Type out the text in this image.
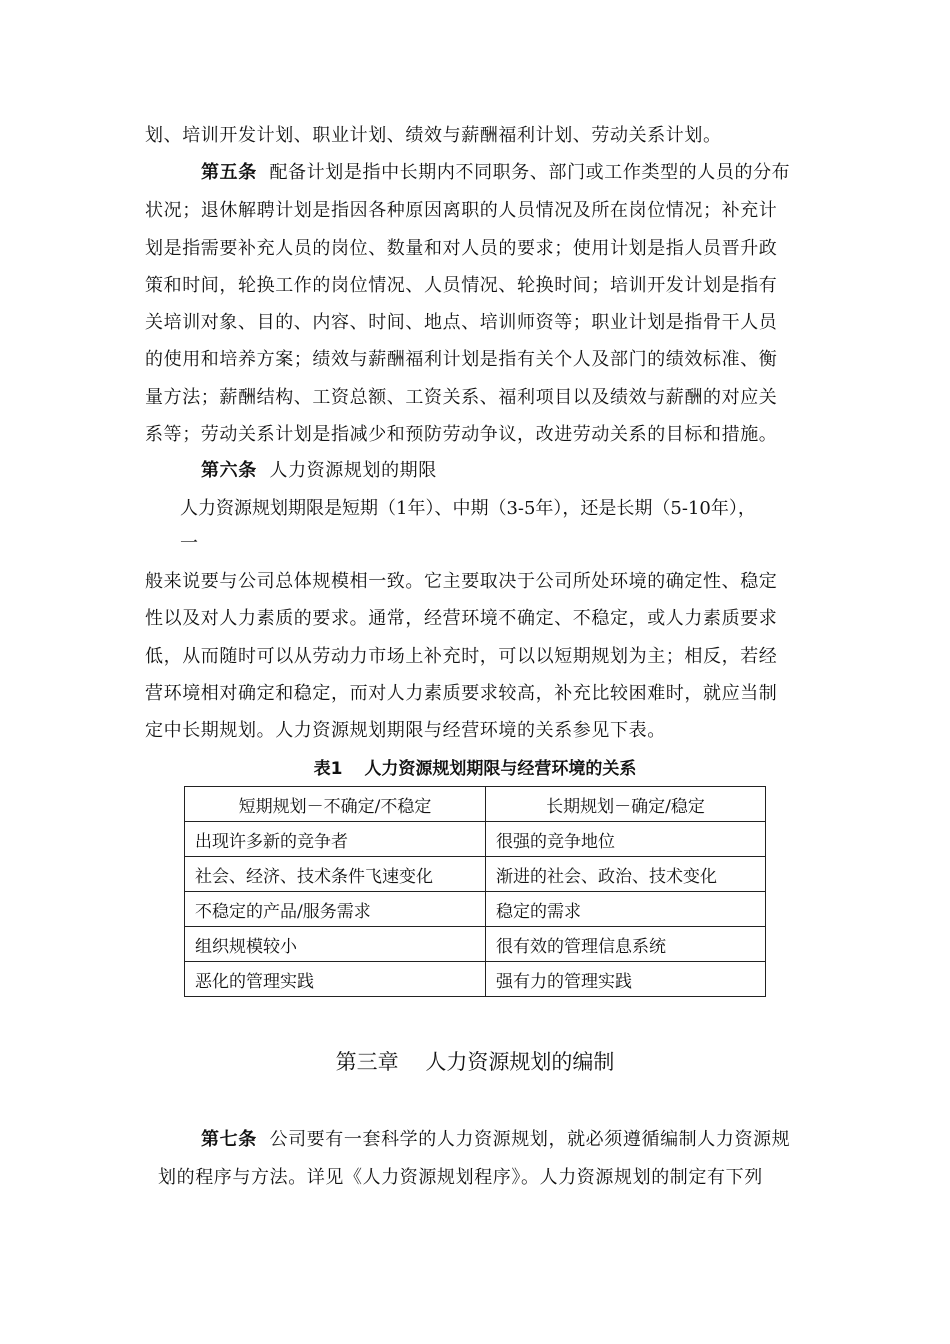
划、培训开发计划、职业计划、绩效与薪酬福利计划、劳动关系计划。
第五条 配备计划是指中长期内不同职务、部门或工作类型的人员的分布
状况；退休解聘计划是指因各种原因离职的人员情况及所在岗位情况；补充计
划是指需要补充人员的岗位、数量和对人员的要求；使用计划是指人员晋升政
策和时间，轮换工作的岗位情况、人员情况、轮换时间；培训开发计划是指有
关培训对象、目的、内容、时间、地点、培训师资等；职业计划是指骨干人员
的使用和培养方案；绩效与薪酬福利计划是指有关个人及部门的绩效标准、衡
量方法；薪酬结构、工资总额、工资关系、福利项目以及绩效与薪酬的对应关
系等；劳动关系计划是指减少和预防劳动争议，改进劳动关系的目标和措施。
第六条 人力资源规划的期限
人力资源规划期限是短期（1年）、中期（3-5年），还是长期（5-10年），
一
般来说要与公司总体规模相一致。它主要取决于公司所处环境的确定性、稳定
性以及对人力素质的要求。通常，经营环境不确定、不稳定，或人力素质要求
低，从而随时可以从劳动力市场上补充时，可以以短期规划为主；相反，若经
营环境相对确定和稳定，而对人力素质要求较高，补充比较困难时，就应当制
定中长期规划。人力资源规划期限与经营环境的关系参见下表。
表1 人力资源规划期限与经营环境的关系
短期规划－不确定/不稳定	长期规划－确定/稳定
出现许多新的竞争者	很强的竞争地位
社会、经济、技术条件飞速变化	渐进的社会、政治、技术变化
不稳定的产品/服务需求	稳定的需求
组织规模较小	很有效的管理信息系统
恶化的管理实践	强有力的管理实践
第三章 人力资源规划的编制
第七条 公司要有一套科学的人力资源规划，就必须遵循编制人力资源规
划的程序与方法。详见《人力资源规划程序》。人力资源规划的制定有下列
